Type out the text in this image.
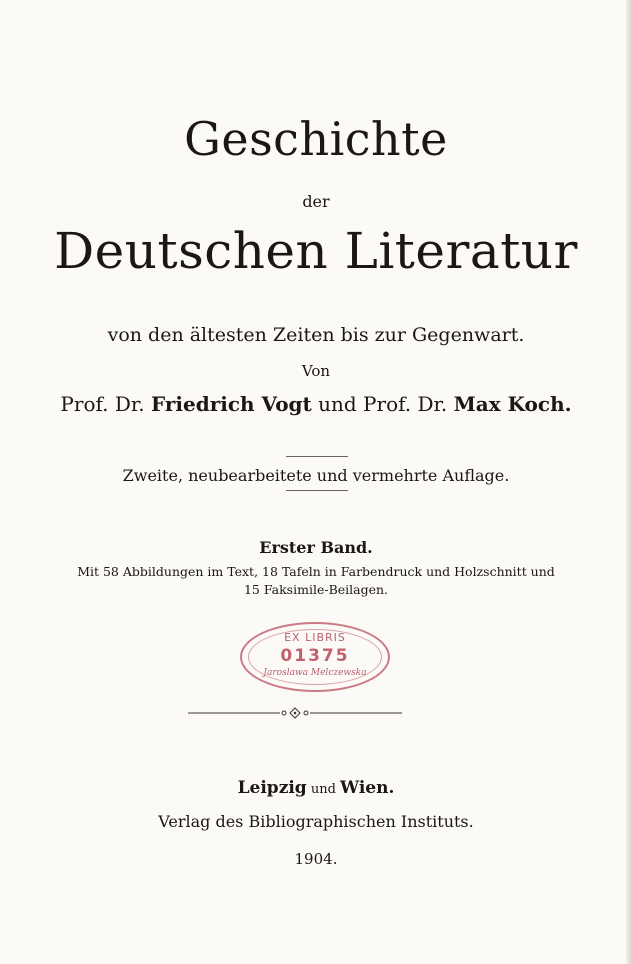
Geschichte
der
Deutschen Literatur
von den ältesten Zeiten bis zur Gegenwart.
Von
Prof. Dr. Friedrich Vogt und Prof. Dr. Max Koch.
Zweite, neubearbeitete und vermehrte Auflage.
Erster Band.
Mit 58 Abbildungen im Text, 18 Tafeln in Farbendruck und Holzschnitt und
15 Faksimile-Beilagen.
EX LIBRIS
01375
Jaroslawa Melczewska
Leipzig und Wien.
Verlag des Bibliographischen Instituts.
1904.
